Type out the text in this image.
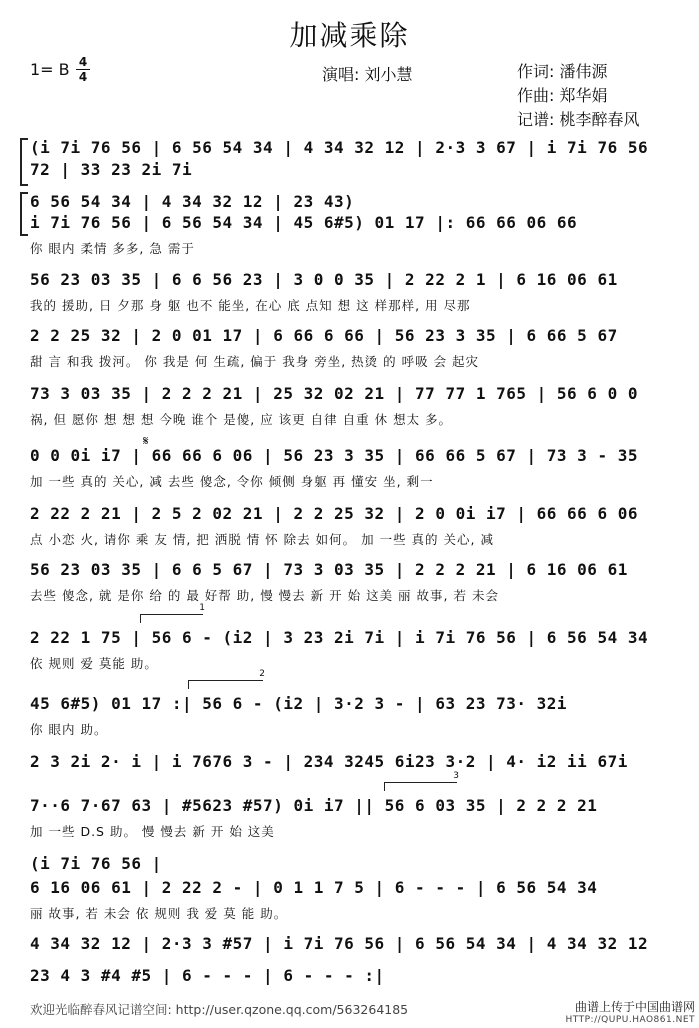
加减乘除
1= B 4
4	演唱: 刘小慧	作词: 潘伟源
作曲: 郑华娟
记谱: 桃李醉春风
(i 7i 76 56 | 6 56 54 34 | 4 34 32 12 | 2·3 3 67 | i 7i 76 56
72 | 33 23 2i 7i
6 56 54 34 | 4 34 32 12 | 23 43)
i 7i 76 56 | 6 56 54 34 | 45 6#5) 01 17 |: 66 66 06 66
你 眼内 柔情 多多, 急 需于
56 23 03 35 | 6 6 56 23 | 3 0 0 35 | 2 22 2 1 | 6 16 06 61
我的 援助, 日 夕那 身 躯 也不 能坐, 在心 底 点知 想 这 样那样, 用 尽那
2 2 25 32 | 2 0 01 17 | 6 66 6 66 | 56 23 3 35 | 6 66 5 67
甜 言 和我 拨河。 你 我是 何 生疏, 偏于 我身 旁坐, 热烫 的 呼吸 会 起灾
73 3 03 35 | 2 2 2 21 | 25 32 02 21 | 77 77 1 765 | 56 6 0 0
祸, 但 愿你 想 想 想 今晚 谁个 是傻, 应 该更 自律 自重 休 想太 多。
𝄋
0 0 0i i7 | 66 66 6 06 | 56 23 3 35 | 66 66 5 67 | 73 3 - 35
加 一些 真的 关心, 减 去些 傻念, 令你 倾侧 身躯 再 懂安 坐, 剩一
2 22 2 21 | 2 5 2 02 21 | 2 2 25 32 | 2 0 0i i7 | 66 66 6 06
点 小恋 火, 请你 乘 友 情, 把 洒脱 情 怀 除去 如何。 加 一些 真的 关心, 减
56 23 03 35 | 6 6 5 67 | 73 3 03 35 | 2 2 2 21 | 6 16 06 61
去些 傻念, 就 是你 给 的 最 好帮 助, 慢 慢去 新 开 始 这美 丽 故事, 若 未会
1
2 22 1 75 | 56 6 - (i2 | 3 23 2i 7i | i 7i 76 56 | 6 56 54 34
依 规则 爱 莫能 助。
2
45 6#5) 01 17 :| 56 6 - (i2 | 3·2 3 - | 63 23 73· 32i
你 眼内 助。
2 3 2i 2· i | i 7676 3 - | 234 3245 6i23 3·2 | 4· i2 ii 67i
3
7··6 7·67 63 | #5623 #57) 0i i7 || 56 6 03 35 | 2 2 2 21
加 一些 D.S 助。 慢 慢去 新 开 始 这美
(i 7i 76 56 |
6 16 06 61 | 2 22 2 - | 0 1 1 7 5 | 6 - - - | 6 56 54 34
丽 故事, 若 未会 依 规则 我 爱 莫 能 助。
4 34 32 12 | 2·3 3 #57 | i 7i 76 56 | 6 56 54 34 | 4 34 32 12
23 4 3 #4 #5 | 6 - - - | 6 - - - :|
欢迎光临醉春风记谱空间: http://user.qzone.qq.com/563264185	曲谱上传于中国曲谱网
HTTP://QUPU.HAO861.NET
